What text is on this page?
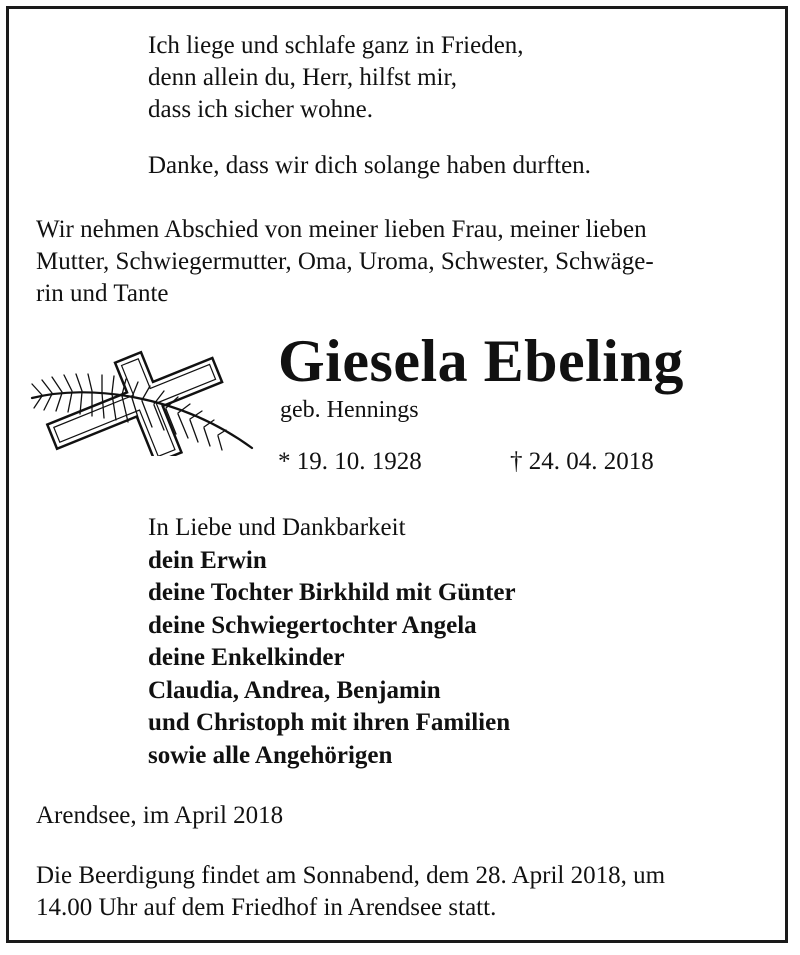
Ich liege und schlafe ganz in Frieden,
denn allein du, Herr, hilfst mir,
dass ich sicher wohne.

Danke, dass wir dich solange haben durften.

Wir nehmen Abschied von meiner lieben Frau, meiner lieben
Mutter, Schwiegermutter, Oma, Uroma, Schwester, Schwäge-
rin und Tante

Giesela Ebeling

geb. Hennings

* 19. 10. 1928	† 24. 04. 2018

In Liebe und Dankbarkeit
dein Erwin
deine Tochter Birkhild mit Günter
deine Schwiegertochter Angela
deine Enkelkinder
Claudia, Andrea, Benjamin
und Christoph mit ihren Familien
sowie alle Angehörigen

Arendsee, im April 2018

Die Beerdigung findet am Sonnabend, dem 28. April 2018, um
14.00 Uhr auf dem Friedhof in Arendsee statt.
